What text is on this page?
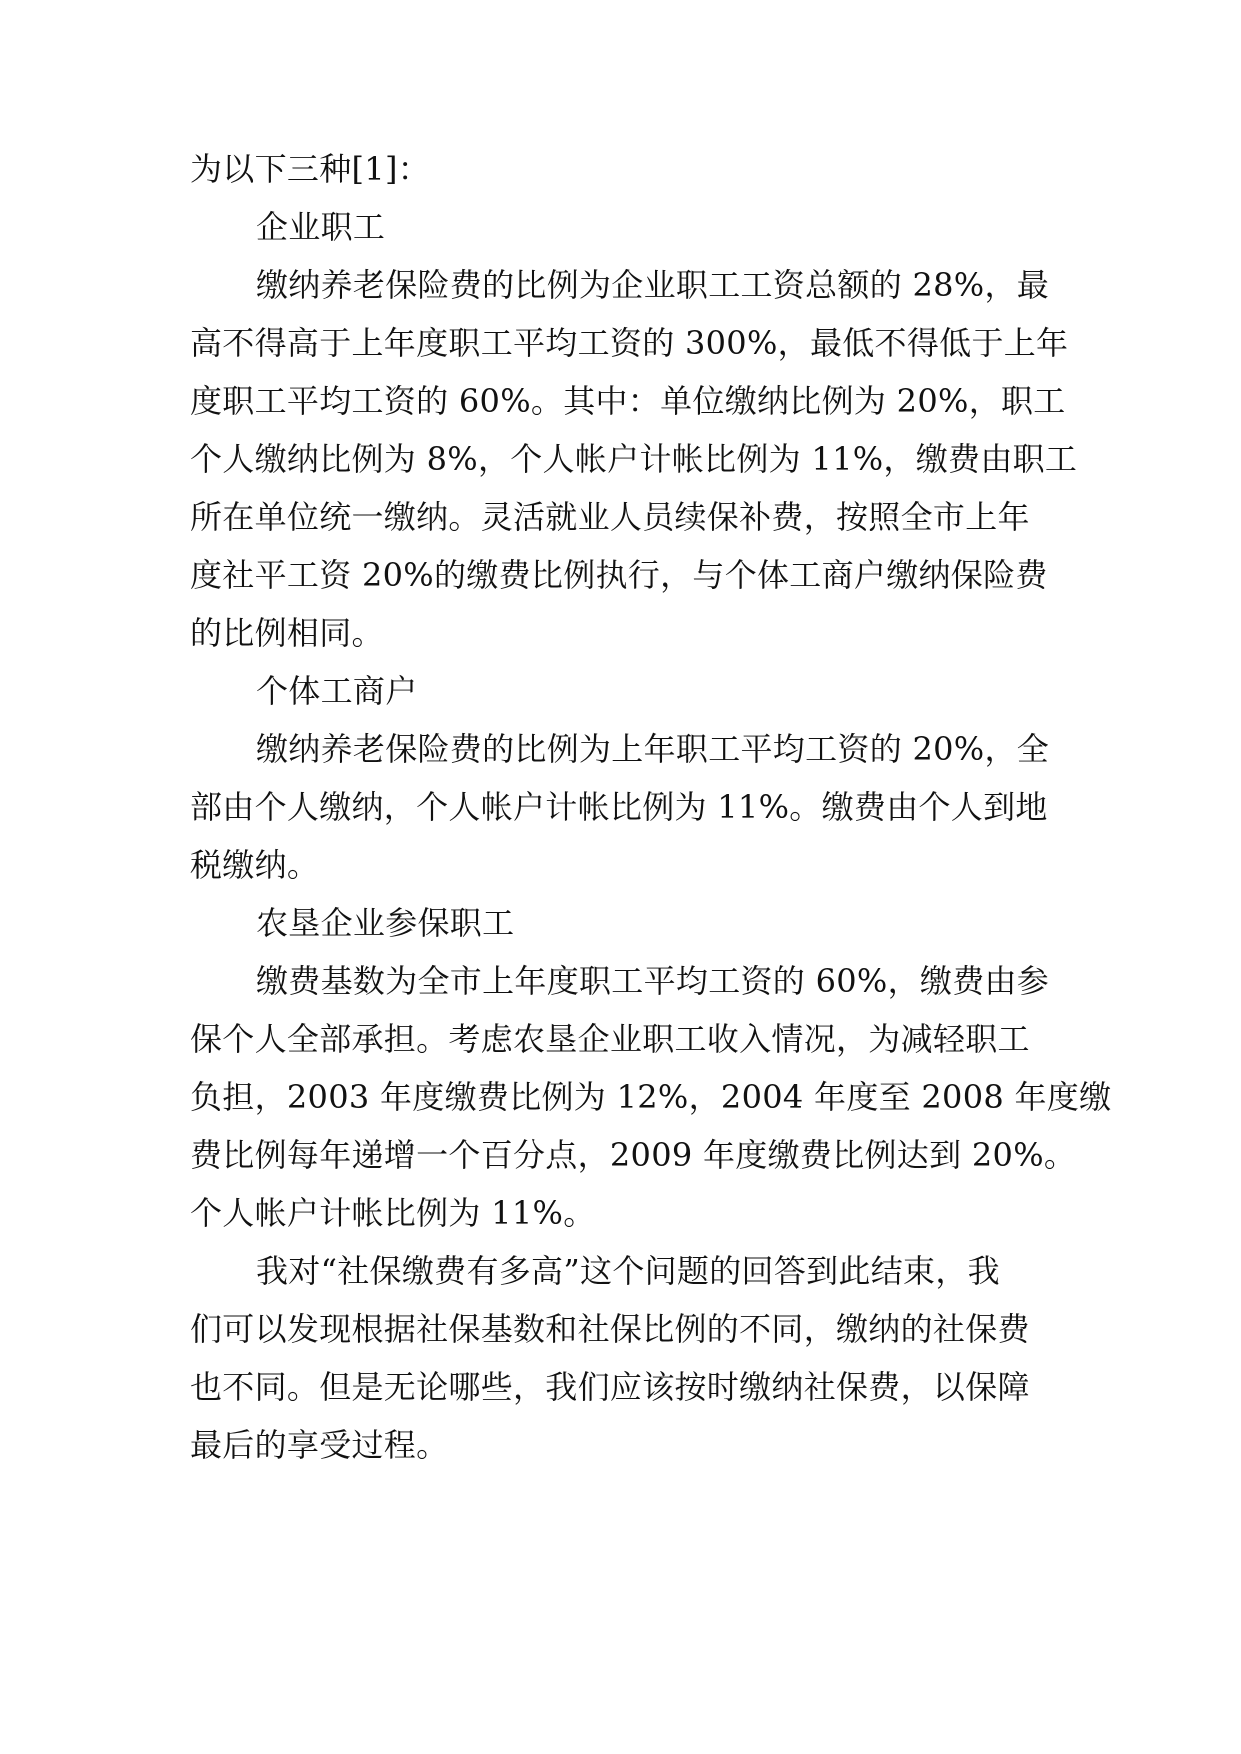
为以下三种[1]：
企业职工
缴纳养老保险费的比例为企业职工工资总额的 28%，最
高不得高于上年度职工平均工资的 300%，最低不得低于上年
度职工平均工资的 60%。其中：单位缴纳比例为 20%，职工
个人缴纳比例为 8%，个人帐户计帐比例为 11%，缴费由职工
所在单位统一缴纳。灵活就业人员续保补费，按照全市上年
度社平工资 20%的缴费比例执行，与个体工商户缴纳保险费
的比例相同。
个体工商户
缴纳养老保险费的比例为上年职工平均工资的 20%，全
部由个人缴纳，个人帐户计帐比例为 11%。缴费由个人到地
税缴纳。
农垦企业参保职工
缴费基数为全市上年度职工平均工资的 60%，缴费由参
保个人全部承担。考虑农垦企业职工收入情况，为减轻职工
负担，2003 年度缴费比例为 12%，2004 年度至 2008 年度缴
费比例每年递增一个百分点，2009 年度缴费比例达到 20%。
个人帐户计帐比例为 11%。
我对“社保缴费有多高”这个问题的回答到此结束，我
们可以发现根据社保基数和社保比例的不同，缴纳的社保费
也不同。但是无论哪些，我们应该按时缴纳社保费，以保障
最后的享受过程。
